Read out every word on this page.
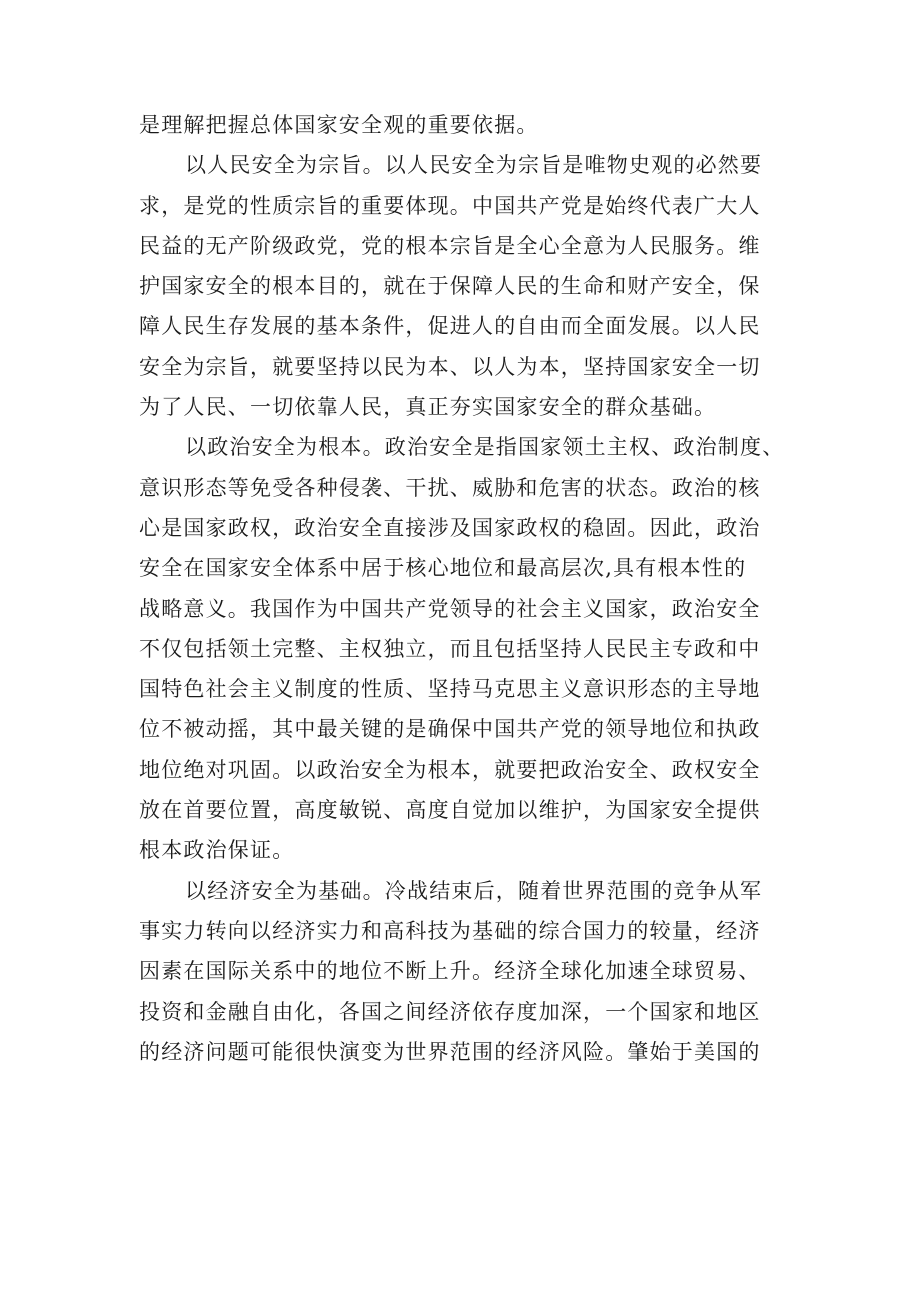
是理解把握总体国家安全观的重要依据。
以人民安全为宗旨。以人民安全为宗旨是唯物史观的必然要
求，是党的性质宗旨的重要体现。中国共产党是始终代表广大人
民益的无产阶级政党，党的根本宗旨是全心全意为人民服务。维
护国家安全的根本目的，就在于保障人民的生命和财产安全，保
障人民生存发展的基本条件，促进人的自由而全面发展。以人民
安全为宗旨，就要坚持以民为本、以人为本，坚持国家安全一切
为了人民、一切依靠人民，真正夯实国家安全的群众基础。
以政治安全为根本。政治安全是指国家领土主权、政治制度、
意识形态等免受各种侵袭、干扰、威胁和危害的状态。政治的核
心是国家政权，政治安全直接涉及国家政权的稳固。因此，政治
安全在国家安全体系中居于核心地位和最高层次,具有根本性的
战略意义。我国作为中国共产党领导的社会主义国家，政治安全
不仅包括领土完整、主权独立，而且包括坚持人民民主专政和中
国特色社会主义制度的性质、坚持马克思主义意识形态的主导地
位不被动摇，其中最关键的是确保中国共产党的领导地位和执政
地位绝对巩固。以政治安全为根本，就要把政治安全、政权安全
放在首要位置，高度敏锐、高度自觉加以维护，为国家安全提供
根本政治保证。
以经济安全为基础。冷战结束后，随着世界范围的竞争从军
事实力转向以经济实力和高科技为基础的综合国力的较量，经济
因素在国际关系中的地位不断上升。经济全球化加速全球贸易、
投资和金融自由化，各国之间经济依存度加深，一个国家和地区
的经济问题可能很快演变为世界范围的经济风险。肇始于美国的
